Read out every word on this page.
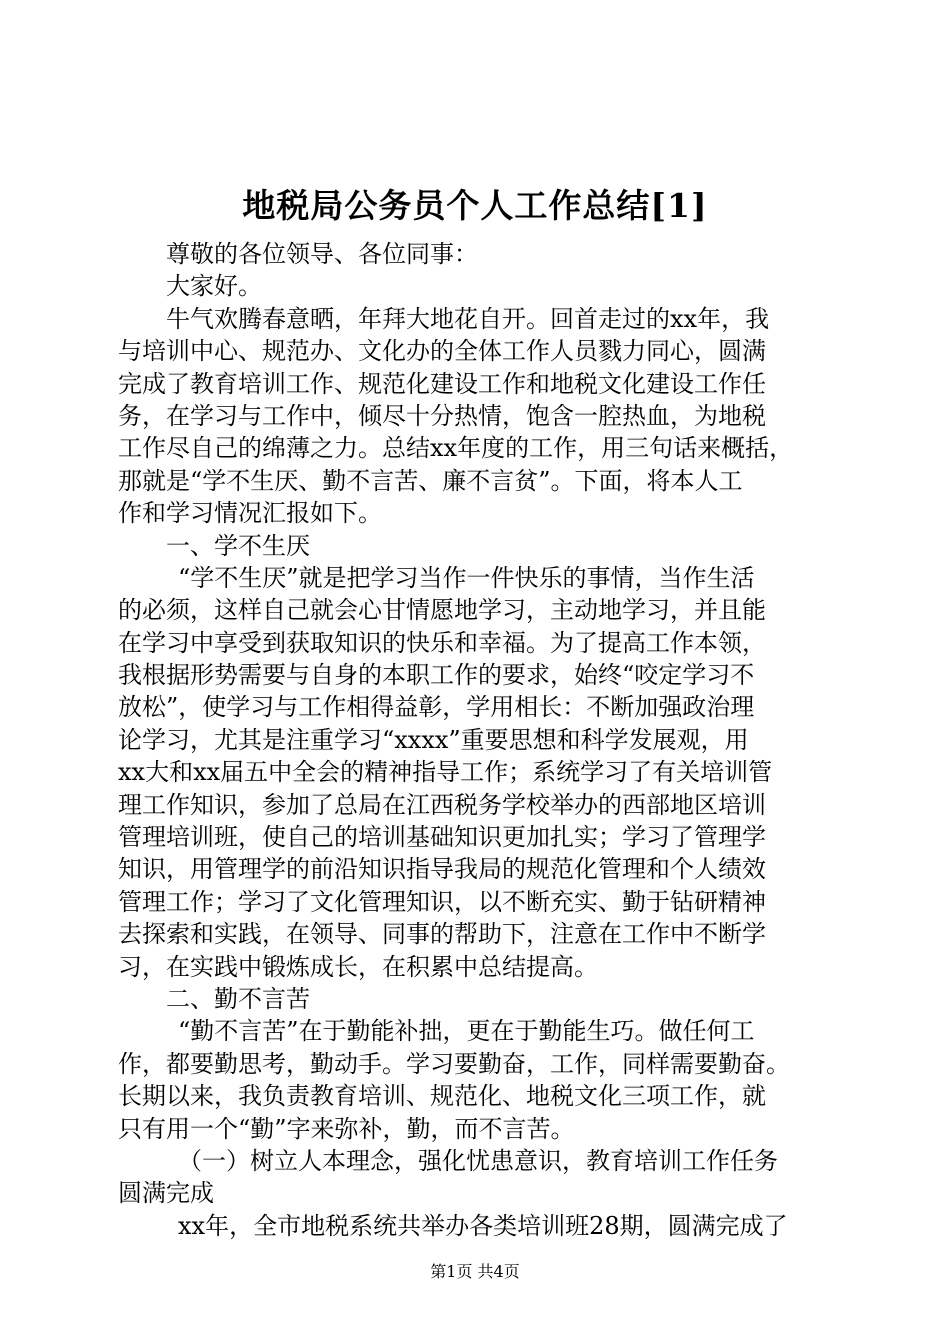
地税局公务员个人工作总结[1]
尊敬的各位领导、各位同事：
大家好。
牛气欢腾春意晒，年拜大地花自开。回首走过的xx年，我
与培训中心、规范办、文化办的全体工作人员戮力同心，圆满
完成了教育培训工作、规范化建设工作和地税文化建设工作任
务，在学习与工作中，倾尽十分热情，饱含一腔热血，为地税
工作尽自己的绵薄之力。总结xx年度的工作，用三句话来概括，
那就是“学不生厌、勤不言苦、廉不言贫”。下面，将本人工
作和学习情况汇报如下。
一、学不生厌
“学不生厌”就是把学习当作一件快乐的事情，当作生活
的必须，这样自己就会心甘情愿地学习，主动地学习，并且能
在学习中享受到获取知识的快乐和幸福。为了提高工作本领，
我根据形势需要与自身的本职工作的要求，始终“咬定学习不
放松”，使学习与工作相得益彰，学用相长：不断加强政治理
论学习，尤其是注重学习“xxxx”重要思想和科学发展观，用
xx大和xx届五中全会的精神指导工作；系统学习了有关培训管
理工作知识，参加了总局在江西税务学校举办的西部地区培训
管理培训班，使自己的培训基础知识更加扎实；学习了管理学
知识，用管理学的前沿知识指导我局的规范化管理和个人绩效
管理工作；学习了文化管理知识，以不断充实、勤于钻研精神
去探索和实践，在领导、同事的帮助下，注意在工作中不断学
习，在实践中锻炼成长，在积累中总结提高。
二、勤不言苦
“勤不言苦”在于勤能补拙，更在于勤能生巧。做任何工
作，都要勤思考，勤动手。学习要勤奋，工作，同样需要勤奋。
长期以来，我负责教育培训、规范化、地税文化三项工作，就
只有用一个“勤”字来弥补，勤，而不言苦。
（一）树立人本理念，强化忧患意识，教育培训工作任务
圆满完成
xx年，全市地税系统共举办各类培训班28期，圆满完成了
第1页 共4页
